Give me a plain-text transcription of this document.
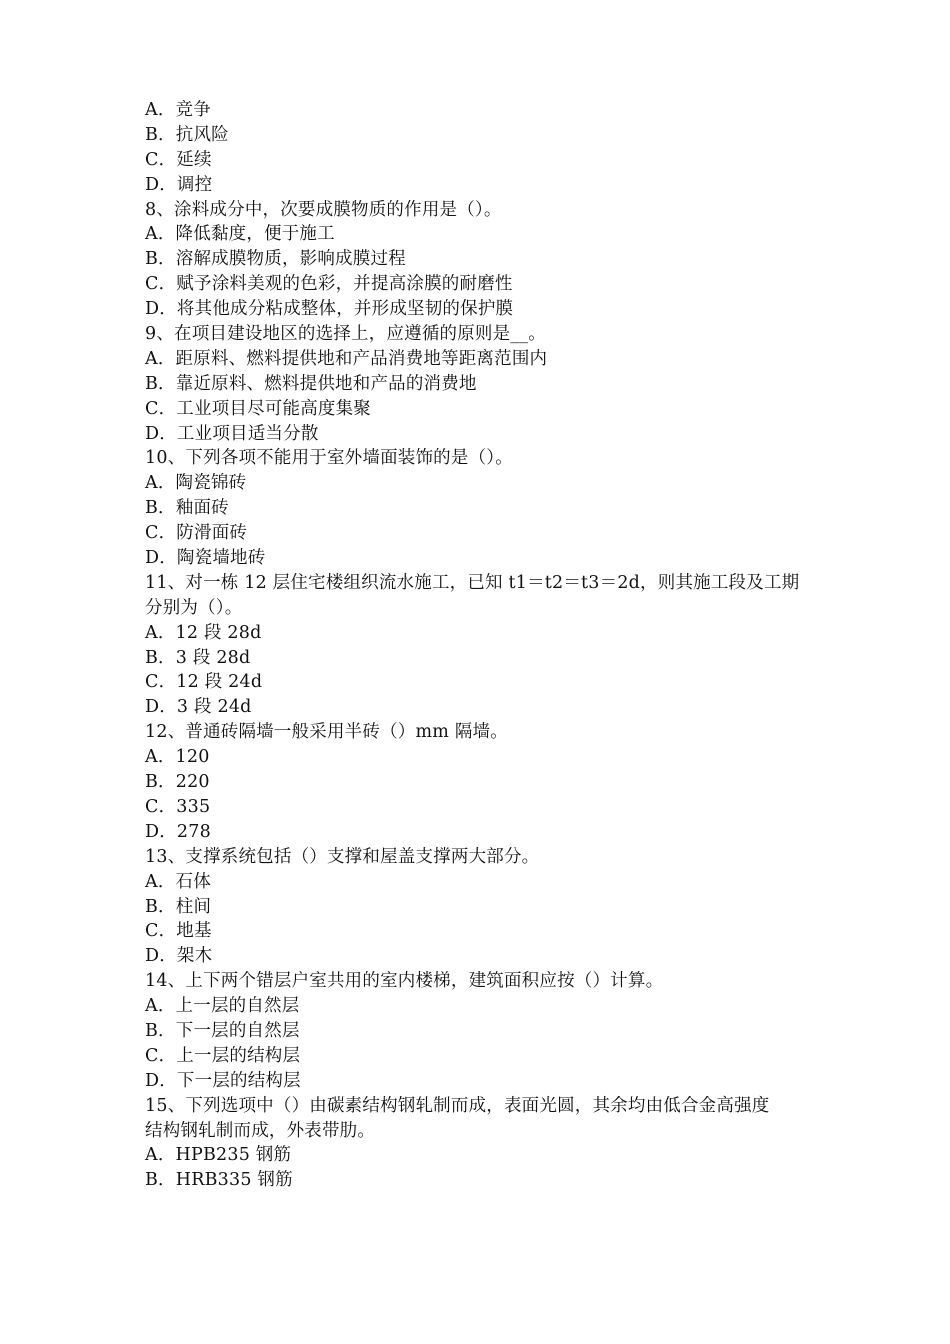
A．竞争
B．抗风险
C．延续
D．调控
8、涂料成分中，次要成膜物质的作用是（）。
A．降低黏度，便于施工
B．溶解成膜物质，影响成膜过程
C．赋予涂料美观的色彩，并提高涂膜的耐磨性
D．将其他成分粘成整体，并形成坚韧的保护膜
9、在项目建设地区的选择上，应遵循的原则是__。
A．距原料、燃料提供地和产品消费地等距离范围内
B．靠近原料、燃料提供地和产品的消费地
C．工业项目尽可能高度集聚
D．工业项目适当分散
10、下列各项不能用于室外墙面装饰的是（）。
A．陶瓷锦砖
B．釉面砖
C．防滑面砖
D．陶瓷墙地砖
11、对一栋 12 层住宅楼组织流水施工，已知 t1＝t2＝t3＝2d，则其施工段及工期
分别为（）。
A．12 段 28d
B．3 段 28d
C．12 段 24d
D．3 段 24d
12、普通砖隔墙一般采用半砖（）mm 隔墙。
A．120
B．220
C．335
D．278
13、支撑系统包括（）支撑和屋盖支撑两大部分。
A．石体
B．柱间
C．地基
D．架木
14、上下两个错层户室共用的室内楼梯，建筑面积应按（）计算。
A．上一层的自然层
B．下一层的自然层
C．上一层的结构层
D．下一层的结构层
15、下列选项中（）由碳素结构钢轧制而成，表面光圆，其余均由低合金高强度
结构钢轧制而成，外表带肋。
A．HPB235 钢筋
B．HRB335 钢筋
